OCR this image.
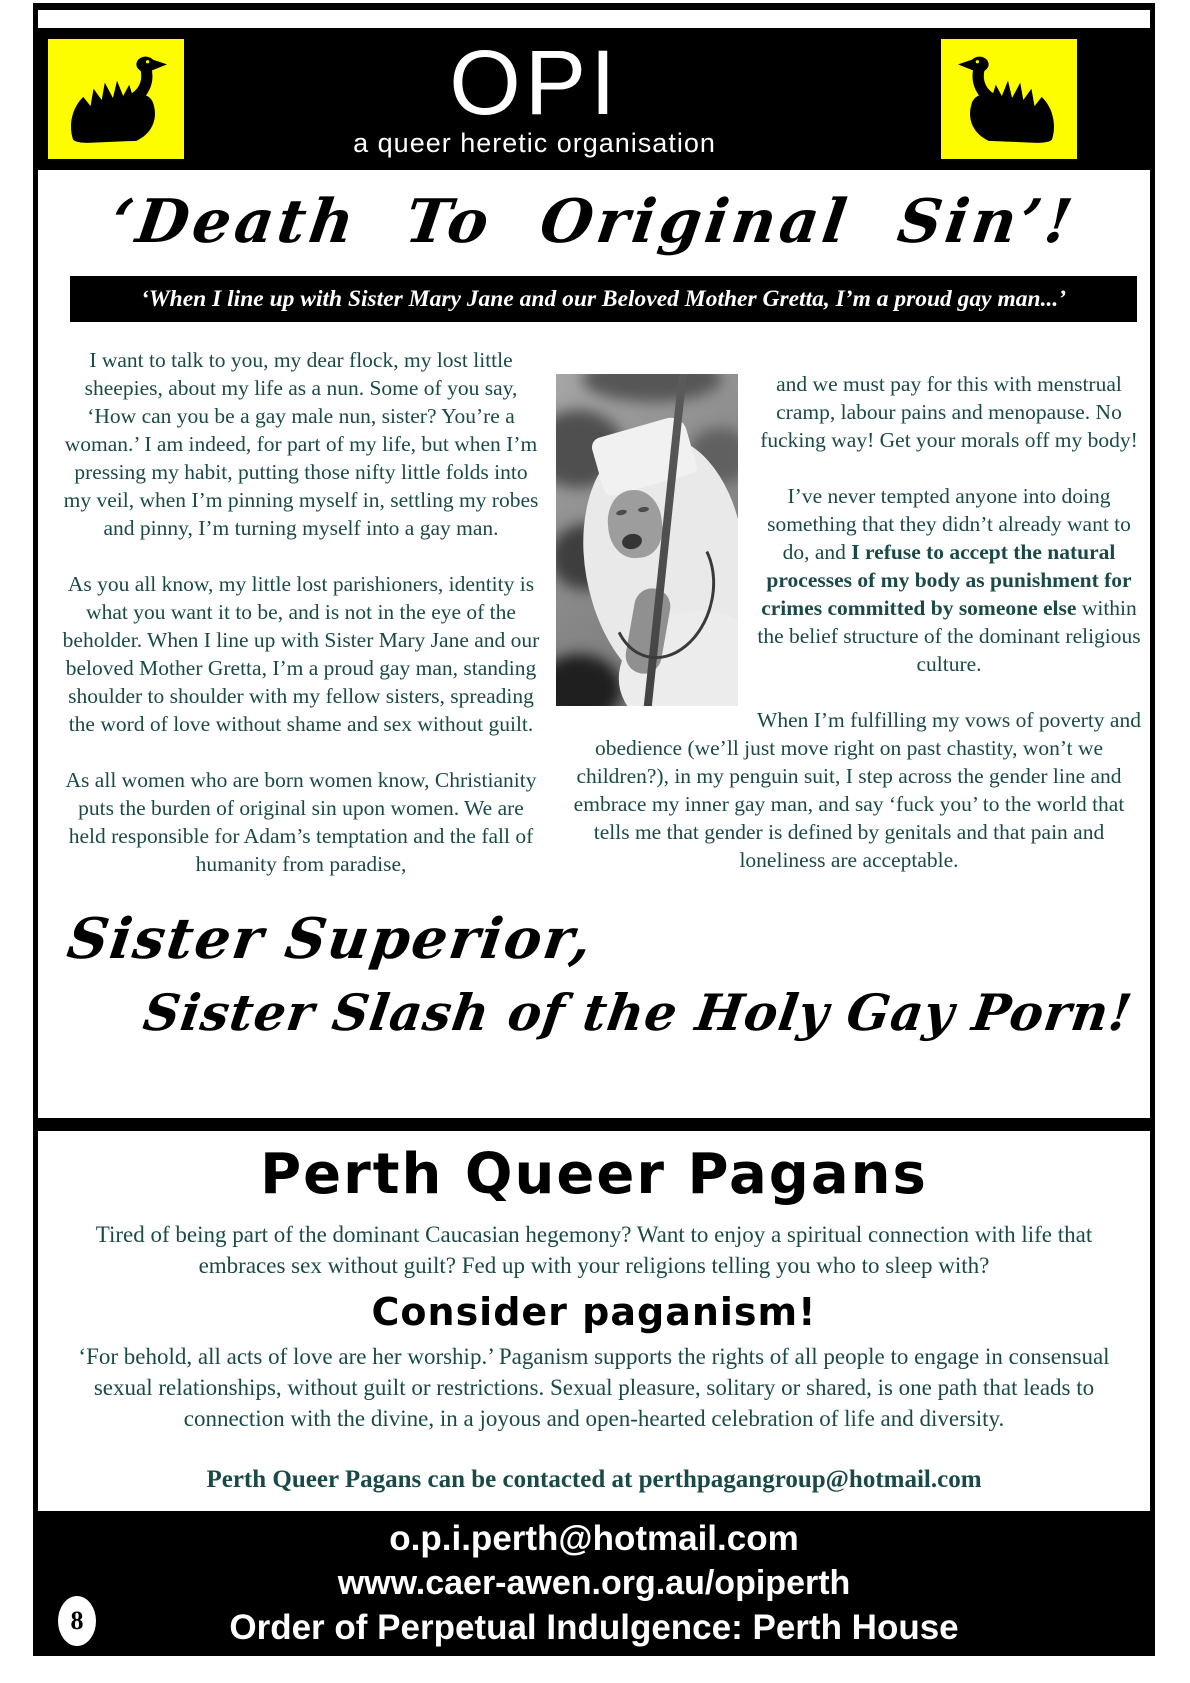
OPI
a queer heretic organisation
‘Death To Original Sin’!
‘When I line up with Sister Mary Jane and our Beloved Mother Gretta, I’m a proud gay man...’

I want to talk to you, my dear flock, my lost little sheepies, about my life as a nun. Some of you say, ‘How can you be a gay male nun, sister? You’re a woman.’ I am indeed, for part of my life, but when I’m pressing my habit, putting those nifty little folds into my veil, when I’m pinning myself in, settling my robes and pinny, I’m turning myself into a gay man.

As you all know, my little lost parishioners, identity is what you want it to be, and is not in the eye of the beholder. When I line up with Sister Mary Jane and our beloved Mother Gretta, I’m a proud gay man, standing shoulder to shoulder with my fellow sisters, spreading the word of love without shame and sex without guilt.

As all women who are born women know, Christianity puts the burden of original sin upon women. We are held responsible for Adam’s temptation and the fall of humanity from paradise,

and we must pay for this with menstrual cramp, labour pains and menopause. No fucking way! Get your morals off my body!

I’ve never tempted anyone into doing something that they didn’t already want to do, and I refuse to accept the natural processes of my body as punishment for crimes committed by someone else within the belief structure of the dominant religious culture.

When I’m fulfilling my vows of poverty and obedience (we’ll just move right on past chastity, won’t we children?), in my penguin suit, I step across the gender line and embrace my inner gay man, and say ‘fuck you’ to the world that tells me that gender is defined by genitals and that pain and loneliness are acceptable.

Sister Superior,
Sister Slash of the Holy Gay Porn!
Perth Queer Pagans

Tired of being part of the dominant Caucasian hegemony? Want to enjoy a spiritual connection with life that embraces sex without guilt? Fed up with your religions telling you who to sleep with?

Consider paganism!

‘For behold, all acts of love are her worship.’ Paganism supports the rights of all people to engage in consensual sexual relationships, without guilt or restrictions. Sexual pleasure, solitary or shared, is one path that leads to connection with the divine, in a joyous and open-hearted celebration of life and diversity.

Perth Queer Pagans can be contacted at perthpagangroup@hotmail.com

8
o.p.i.perth@hotmail.com
www.caer-awen.org.au/opiperth
Order of Perpetual Indulgence: Perth House
